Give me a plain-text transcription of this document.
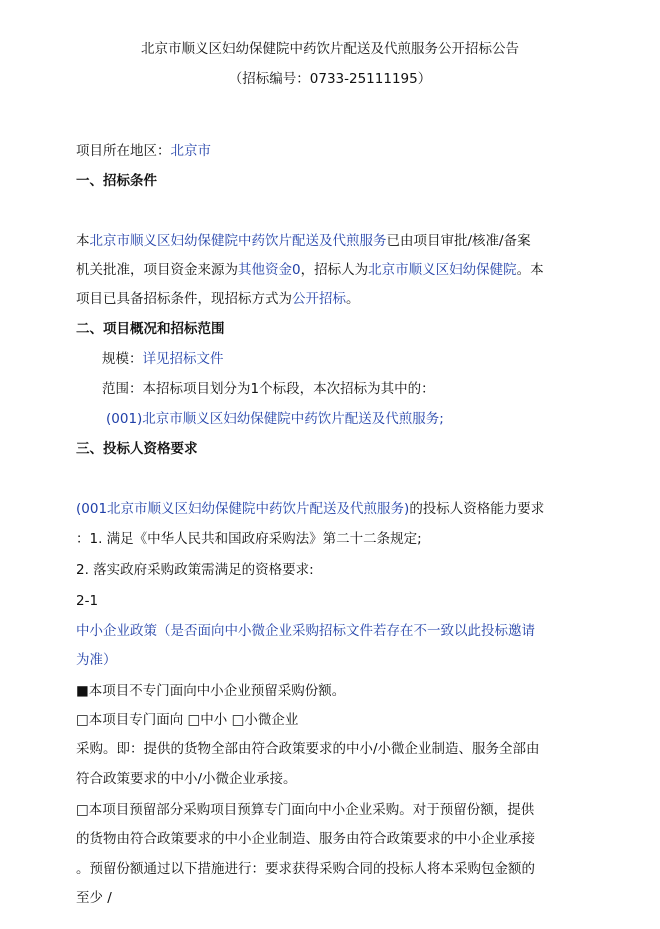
北京市顺义区妇幼保健院中药饮片配送及代煎服务公开招标公告
（招标编号：0733-25111195）
项目所在地区：北京市
一、招标条件
本北京市顺义区妇幼保健院中药饮片配送及代煎服务已由项目审批/核准/备案
机关批准，项目资金来源为其他资金0，招标人为北京市顺义区妇幼保健院。本
项目已具备招标条件，现招标方式为公开招标。
二、项目概况和招标范围
规模：详见招标文件
范围：本招标项目划分为1个标段，本次招标为其中的：
(001)北京市顺义区妇幼保健院中药饮片配送及代煎服务;
三、投标人资格要求
(001北京市顺义区妇幼保健院中药饮片配送及代煎服务)的投标人资格能力要求
：1. 满足《中华人民共和国政府采购法》第二十二条规定;
2. 落实政府采购政策需满足的资格要求:
2-1
中小企业政策（是否面向中小微企业采购招标文件若存在不一致以此投标邀请
为准）
■本项目不专门面向中小企业预留采购份额。
□本项目专门面向 □中小 □小微企业
采购。即：提供的货物全部由符合政策要求的中小/小微企业制造、服务全部由
符合政策要求的中小/小微企业承接。
□本项目预留部分采购项目预算专门面向中小企业采购。对于预留份额，提供
的货物由符合政策要求的中小企业制造、服务由符合政策要求的中小企业承接
。预留份额通过以下措施进行：要求获得采购合同的投标人将本采购包金额的
至少 /
